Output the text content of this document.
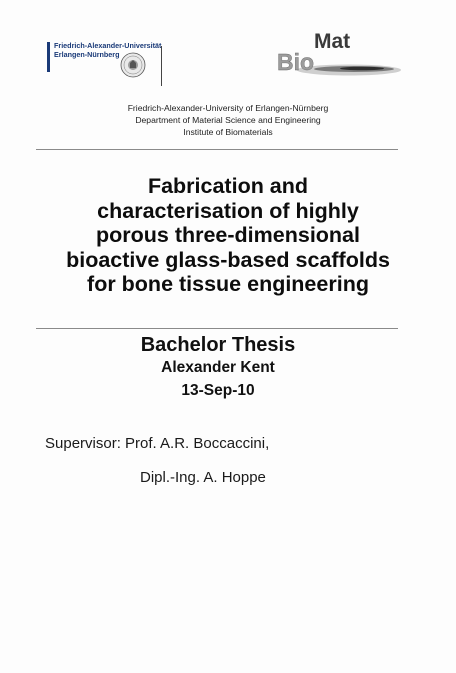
Friedrich-Alexander-Universität
Erlangen-Nürnberg
Mat
Bio
Friedrich-Alexander-University of Erlangen-Nürnberg
Department of Material Science and Engineering
Institute of Biomaterials
Fabrication and
characterisation of highly
porous three-dimensional
bioactive glass-based scaffolds
for bone tissue engineering
Bachelor Thesis
Alexander Kent
13-Sep-10
Supervisor: Prof. A.R. Boccaccini,
Dipl.-Ing. A. Hoppe
